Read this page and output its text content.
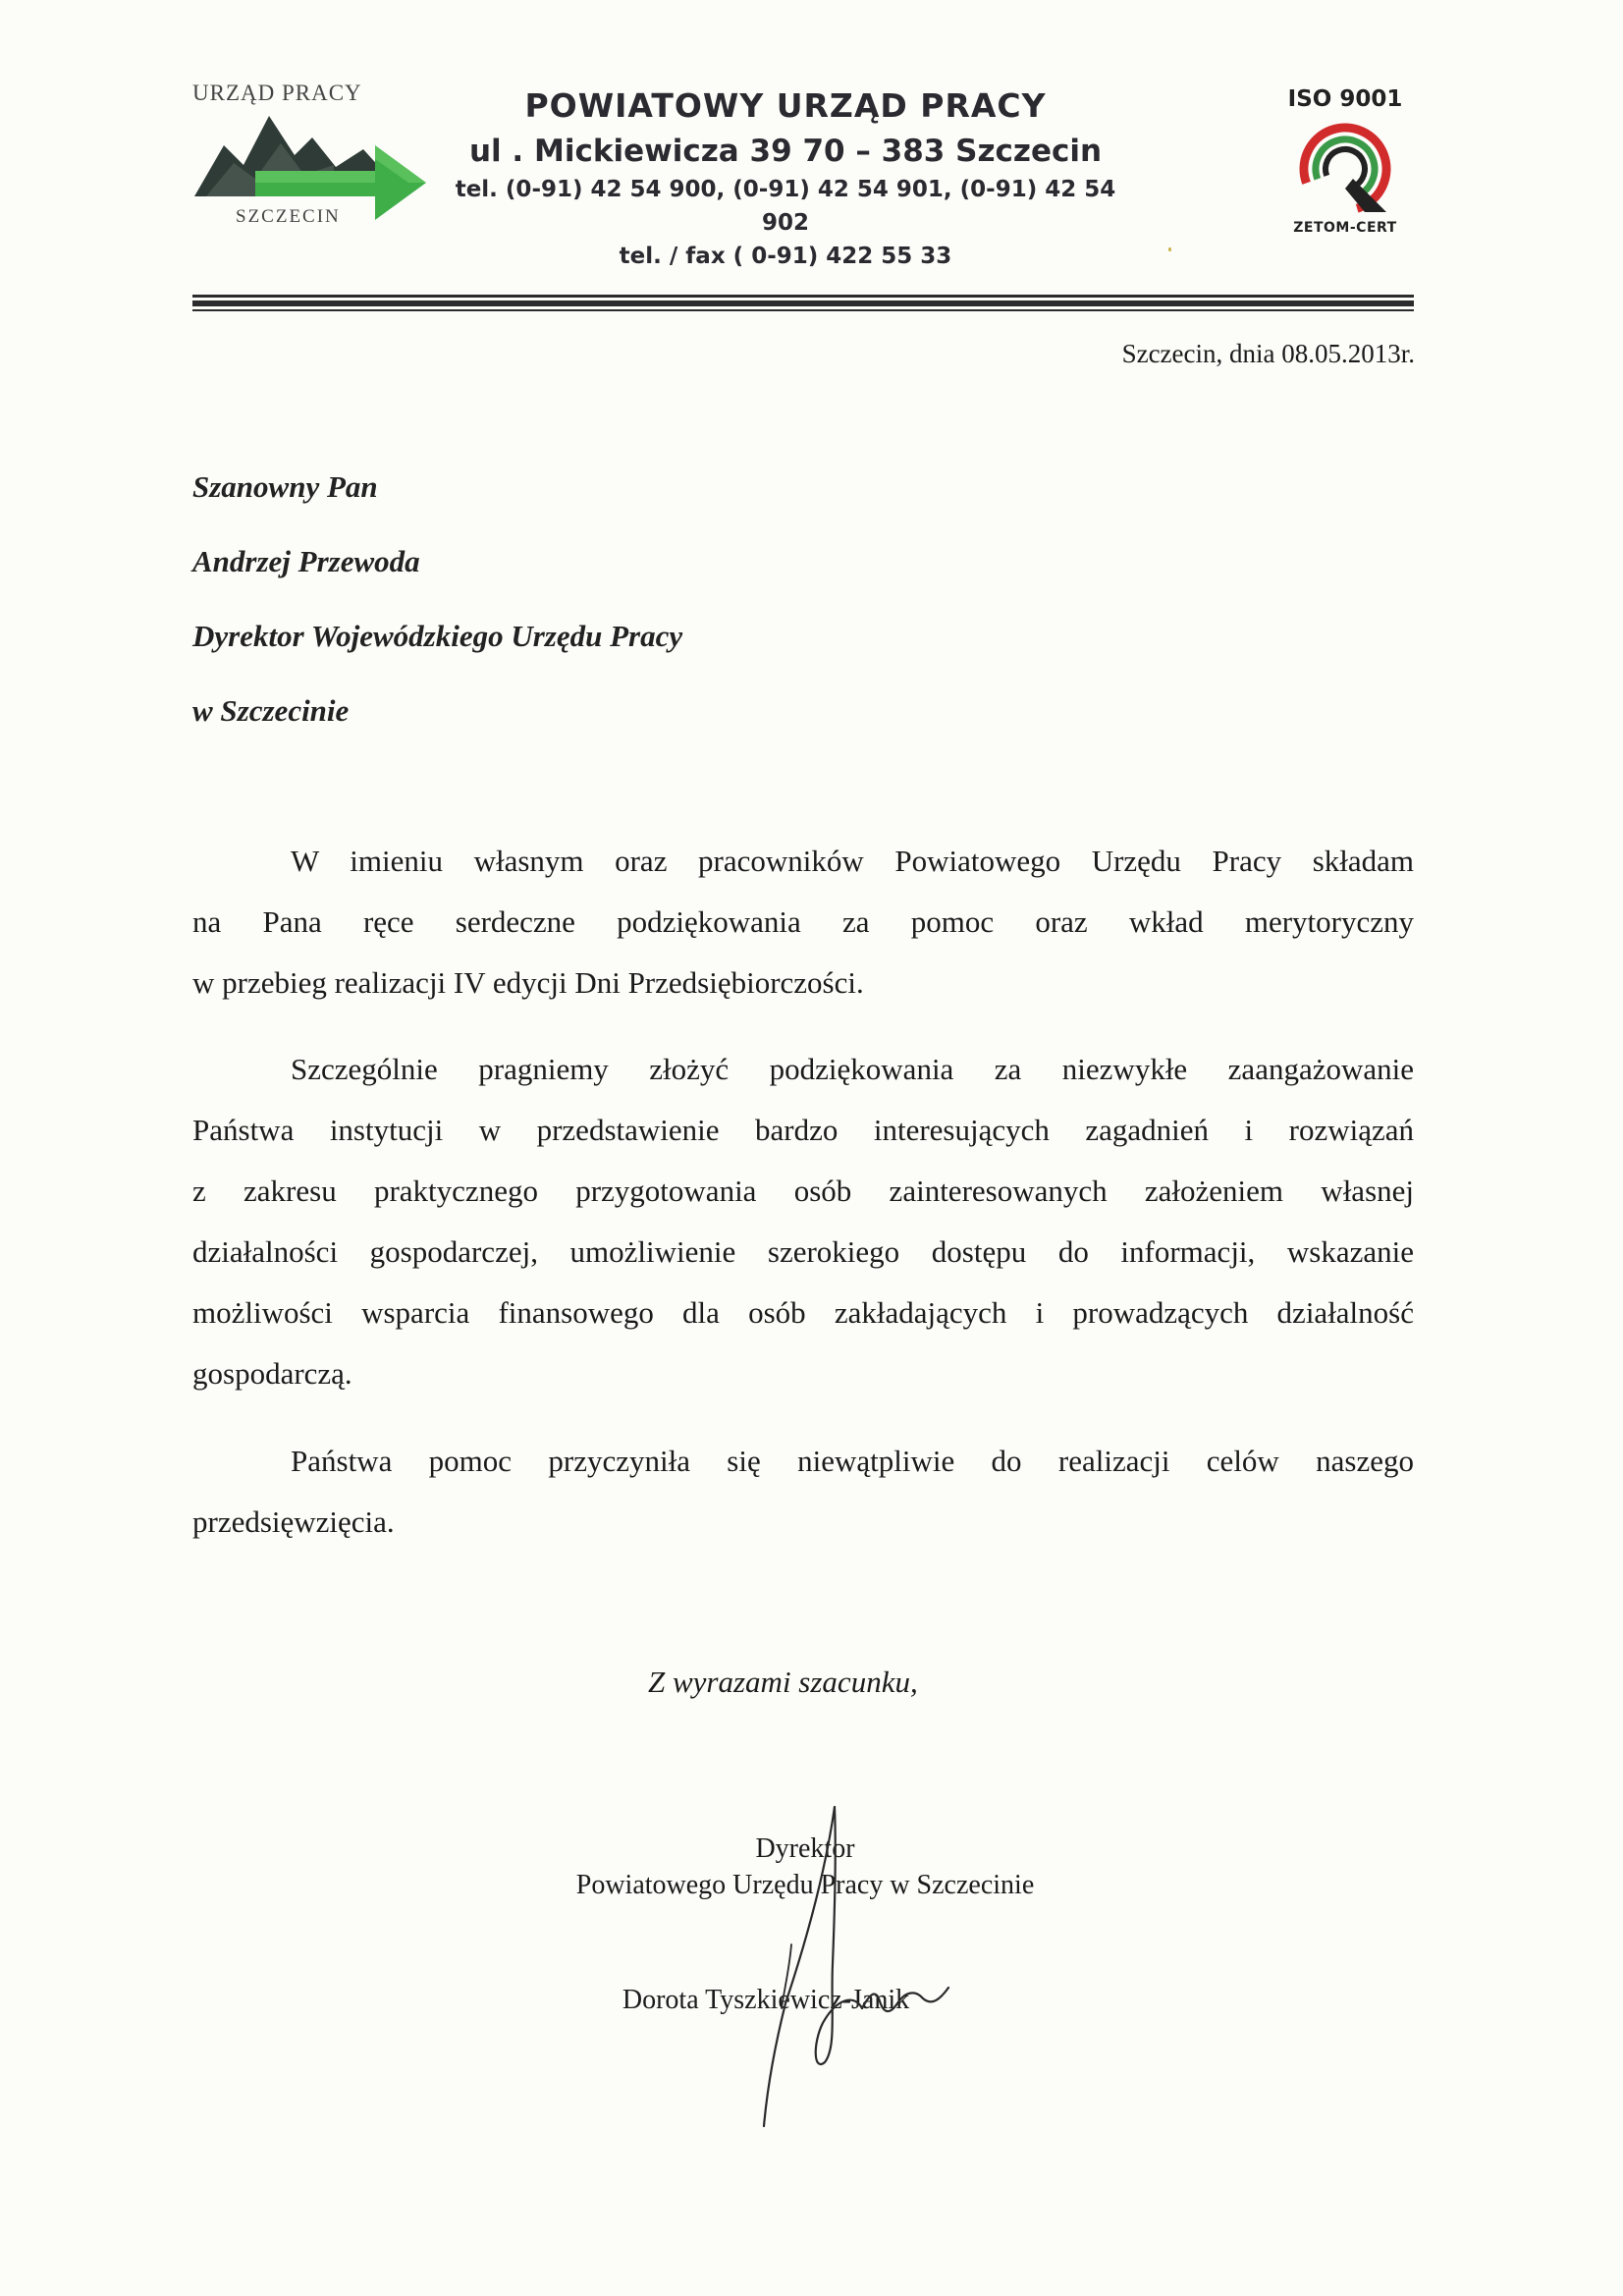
URZĄD PRACY
SZCZECIN
POWIATOWY URZĄD PRACY
ul . Mickiewicza 39 70 – 383 Szczecin
tel. (0-91) 42 54 900, (0-91) 42 54 901, (0-91) 42 54 902
tel. / fax ( 0-91) 422 55 33
ISO 9001
ZETOM-CERT
Szczecin, dnia 08.05.2013r.
Szanowny Pan
Andrzej Przewoda
Dyrektor Wojewódzkiego Urzędu Pracy
w Szczecinie
W imieniu własnym oraz pracowników Powiatowego Urzędu Pracy składam
na Pana ręce serdeczne podziękowania za pomoc oraz wkład merytoryczny
w przebieg realizacji IV edycji Dni Przedsiębiorczości.
Szczególnie pragniemy złożyć podziękowania za niezwykłe zaangażowanie
Państwa instytucji w przedstawienie bardzo interesujących zagadnień i rozwiązań
z zakresu praktycznego przygotowania osób zainteresowanych założeniem własnej
działalności gospodarczej, umożliwienie szerokiego dostępu do informacji, wskazanie
możliwości wsparcia finansowego dla osób zakładających i prowadzących działalność
gospodarczą.
Państwa pomoc przyczyniła się niewątpliwie do realizacji celów naszego
przedsięwzięcia.
Z wyrazami szacunku,
Dyrektor
Powiatowego Urzędu Pracy w Szczecinie
Dorota Tyszkiewicz-Janik
